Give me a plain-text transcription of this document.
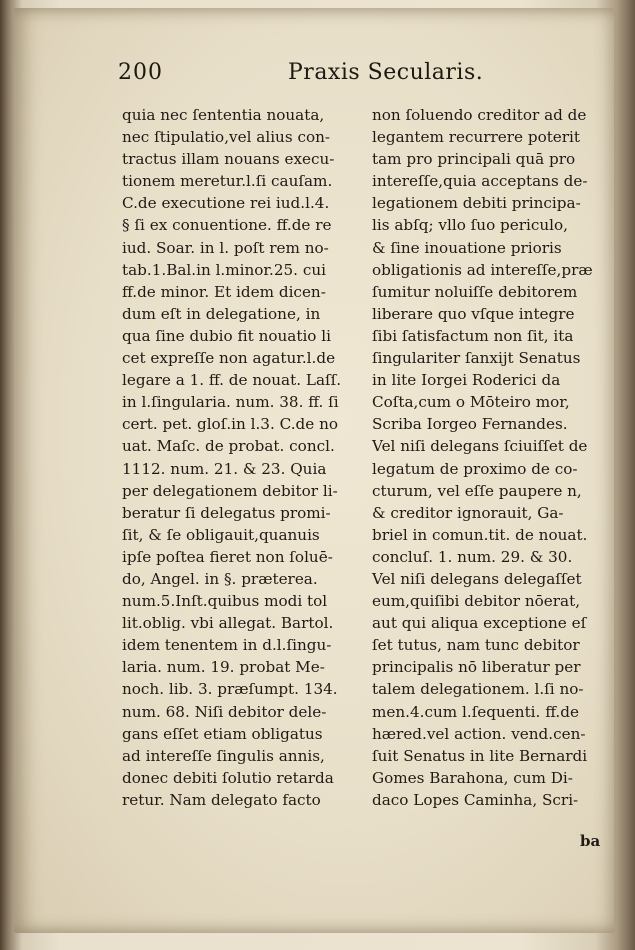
200	Praxis Secularis.
quia nec ſententia nouata,
nec ſtipulatio,vel alius con-
tractus illam nouans execu-
tionem meretur.l.ſi cauſam.
C.de executione rei iud.l.4.
§ ſi ex conuentione. ff.de re
iud. Soar. in l. poſt rem no-
tab.1.Bal.in l.minor.25. cui
ff.de minor. Et idem dicen-
dum eſt in delegatione, in
qua ſine dubio fit nouatio li
cet expreſſe non agatur.l.de
legare a 1. ff. de nouat. Laſſ.
in l.ſingularia. num. 38. ff. ſi
cert. pet. gloſ.in l.3. C.de no
uat. Maſc. de probat. concl.
1112. num. 21. & 23. Quia
per delegationem debitor li-
beratur ſi delegatus promi-
ſit, & ſe obligauit,quanuis
ipſe poſtea fieret non ſoluē-
do, Angel. in §. præterea.
num.5.Inſt.quibus modi tol
lit.oblig. vbi allegat. Bartol.
idem tenentem in d.l.ſingu-
laria. num. 19. probat Me-
noch. lib. 3. præſumpt. 134.
num. 68. Niſi debitor dele-
gans eſſet etiam obligatus
ad intereſſe ſingulis annis,
donec debiti ſolutio retarda
retur. Nam delegato facto
non ſoluendo creditor ad de
legantem recurrere poterit
tam pro principali quā pro
intereſſe,quia acceptans de-
legationem debiti principa-
lis abſq; vllo ſuo periculo,
& ſine inouatione prioris
obligationis ad intereſſe,præ
ſumitur noluiſſe debitorem
liberare quo vſque integre
ſibi ſatisfactum non ſit, ita
ſingulariter ſanxijt Senatus
in lite Iorgei Roderici da
Coſta,cum o Mōteiro mor,
Scriba Iorgeo Fernandes.
Vel niſi delegans ſciuiſſet de
legatum de proximo de co-
cturum, vel eſſe paupere n,
& creditor ignorauit, Ga-
briel in comun.tit. de nouat.
concluſ. 1. num. 29. & 30.
Vel niſi delegans delegaſſet
eum,quiſibi debitor nōerat,
aut qui aliqua exceptione eſ
ſet tutus, nam tunc debitor
principalis nō liberatur per
talem delegationem. l.ſi no-
men.4.cum l.ſequenti. ff.de
hæred.vel action. vend.cen-
ſuit Senatus in lite Bernardi
Gomes Barahona, cum Di-
daco Lopes Caminha, Scri-
ba
